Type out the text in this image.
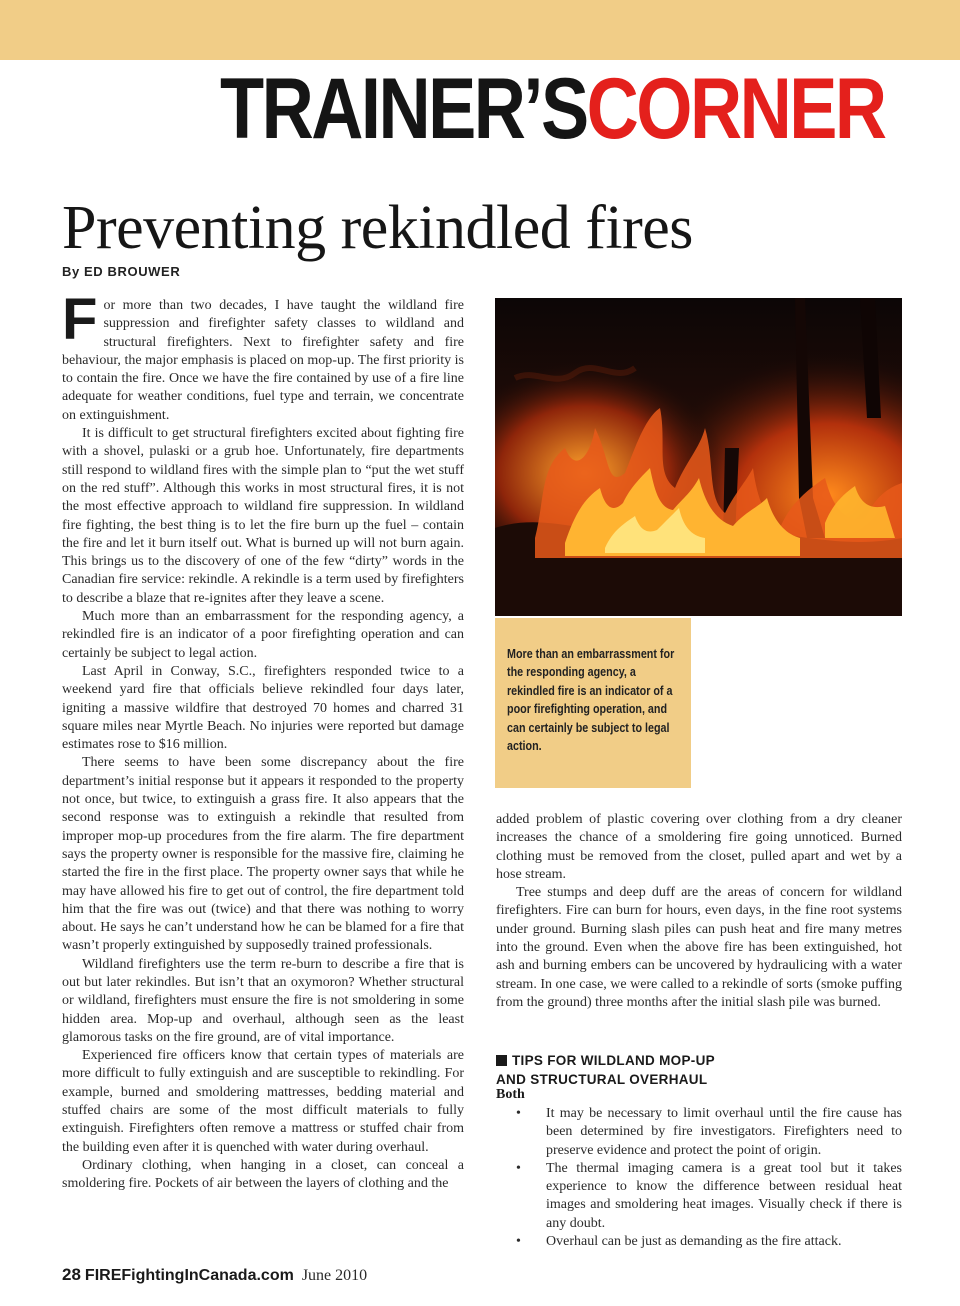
TRAINER’SCORNER
Preventing rekindled fires
By ED BROUWER

For more than two decades, I have taught the wildland fire suppression and firefighter safety classes to wildland and structural firefighters. Next to firefighter safety and fire behaviour, the major emphasis is placed on mop-up. The first priority is to contain the fire. Once we have the fire contained by use of a fire line adequate for weather conditions, fuel type and terrain, we concentrate on extinguishment.

It is difficult to get structural firefighters excited about fighting fire with a shovel, pulaski or a grub hoe. Unfortunately, fire departments still respond to wildland fires with the simple plan to “put the wet stuff on the red stuff”. Although this works in most structural fires, it is not the most effective approach to wildland fire suppression. In wildland fire fighting, the best thing is to let the fire burn up the fuel – contain the fire and let it burn itself out. What is burned up will not burn again. This brings us to the discovery of one of the few “dirty” words in the Canadian fire service: rekindle. A rekindle is a term used by firefighters to describe a blaze that re-ignites after they leave a scene.

Much more than an embarrassment for the responding agency, a rekindled fire is an indicator of a poor firefighting operation and can certainly be subject to legal action.

Last April in Conway, S.C., firefighters responded twice to a weekend yard fire that officials believe rekindled four days later, igniting a massive wildfire that destroyed 70 homes and charred 31 square miles near Myrtle Beach. No injuries were reported but damage estimates rose to $16 million.

There seems to have been some discrepancy about the fire department’s initial response but it appears it responded to the property not once, but twice, to extinguish a grass fire. It also appears that the second response was to extinguish a rekindle that resulted from improper mop-up procedures from the fire alarm. The fire department says the property owner is responsible for the massive fire, claiming he started the fire in the first place. The property owner says that while he may have allowed his fire to get out of control, the fire department told him that the fire was out (twice) and that there was nothing to worry about. He says he can’t understand how he can be blamed for a fire that wasn’t properly extinguished by supposedly trained professionals.

Wildland firefighters use the term re-burn to describe a fire that is out but later rekindles. But isn’t that an oxymoron? Whether structural or wildland, firefighters must ensure the fire is not smoldering in some hidden area. Mop-up and overhaul, although seen as the least glamorous tasks on the fire ground, are of vital importance.

Experienced fire officers know that certain types of materials are more difficult to fully extinguish and are susceptible to rekindling. For example, burned and smoldering mattresses, bedding material and stuffed chairs are some of the most difficult materials to fully extinguish. Firefighters often remove a mattress or stuffed chair from the building even after it is quenched with water during overhaul.

Ordinary clothing, when hanging in a closet, can conceal a smoldering fire. Pockets of air between the layers of clothing and the

More than an embarrassment for the responding agency, a rekindled fire is an indicator of a poor firefighting operation, and can certainly be subject to legal action.

added problem of plastic covering over clothing from a dry cleaner increases the chance of a smoldering fire going unnoticed. Burned clothing must be removed from the closet, pulled apart and wet by a hose stream.

Tree stumps and deep duff are the areas of concern for wildland firefighters. Fire can burn for hours, even days, in the fine root systems under ground. Burning slash piles can push heat and fire many metres into the ground. Even when the above fire has been extinguished, hot ash and burning embers can be uncovered by hydraulicing with a water stream. In one case, we were called to a rekindle of sorts (smoke puffing from the ground) three months after the initial slash pile was burned.

TIPS FOR WILDLAND MOP-UP
AND STRUCTURAL OVERHAUL
Both
• It may be necessary to limit overhaul until the fire cause has been determined by fire investigators. Firefighters need to preserve evidence and protect the point of origin.
• The thermal imaging camera is a great tool but it takes experience to know the difference between residual heat images and smoldering heat images. Visually check if there is any doubt.
• Overhaul can be just as demanding as the fire attack.
28 FIREFightingInCanada.com June 2010
